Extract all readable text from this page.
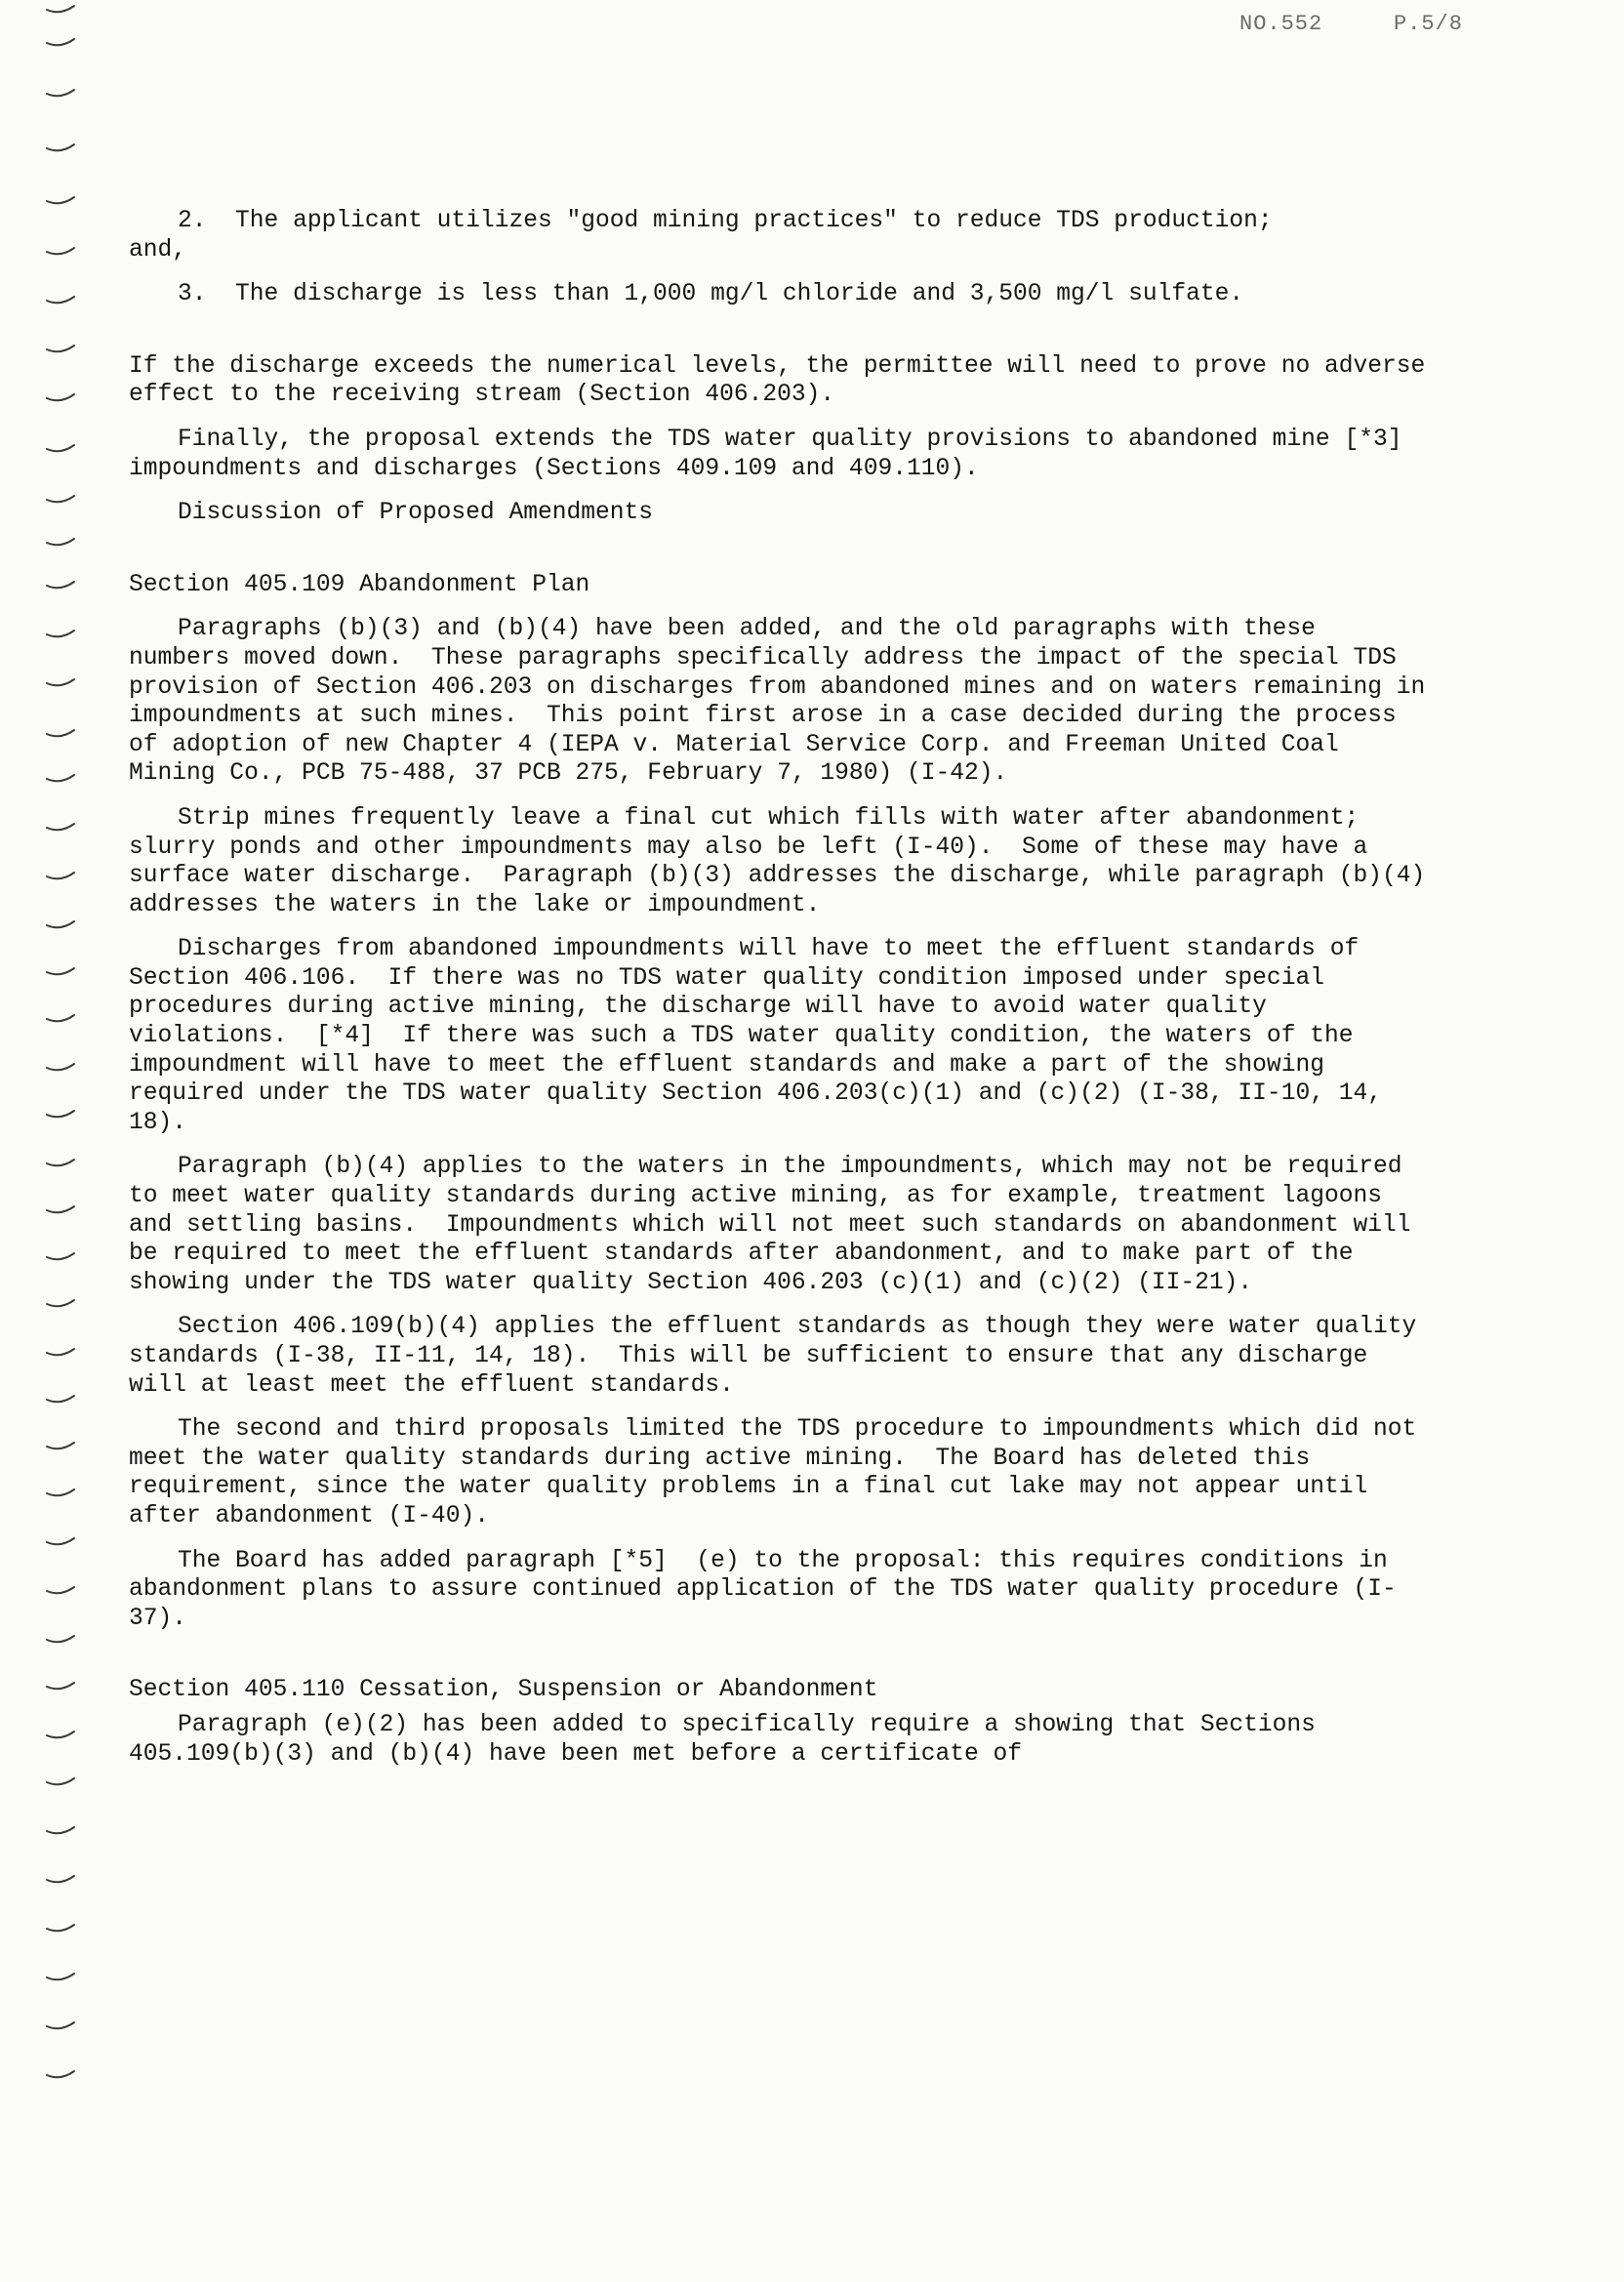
NO.552	P.5/8

2.  The applicant utilizes "good mining practices" to reduce TDS production;

and,

3.  The discharge is less than 1,000 mg/l chloride and 3,500 mg/l sulfate.

If the discharge exceeds the numerical levels, the permittee will need to prove no adverse effect to the receiving stream (Section 406.203).

Finally, the proposal extends the TDS water quality provisions to abandoned mine [*3]  impoundments and discharges (Sections 409.109 and 409.110).

Discussion of Proposed Amendments

Section 405.109 Abandonment Plan

Paragraphs (b)(3) and (b)(4) have been added, and the old paragraphs with these numbers moved down.  These paragraphs specifically address the impact of the special TDS provision of Section 406.203 on discharges from abandoned mines and on waters remaining in impoundments at such mines.  This point first arose in a case decided during the process of adoption of new Chapter 4 (IEPA v. Material Service Corp. and Freeman United Coal Mining Co., PCB 75-488, 37 PCB 275, February 7, 1980) (I-42).

Strip mines frequently leave a final cut which fills with water after abandonment; slurry ponds and other impoundments may also be left (I-40).  Some of these may have a surface water discharge.  Paragraph (b)(3) addresses the discharge, while paragraph (b)(4) addresses the waters in the lake or impoundment.

Discharges from abandoned impoundments will have to meet the effluent standards of Section 406.106.  If there was no TDS water quality condition imposed under special procedures during active mining, the discharge will have to avoid water quality violations.  [*4]  If there was such a TDS water quality condition, the waters of the impoundment will have to meet the effluent standards and make a part of the showing required under the TDS water quality Section 406.203(c)(1) and (c)(2) (I-38, II-10, 14, 18).

Paragraph (b)(4) applies to the waters in the impoundments, which may not be required to meet water quality standards during active mining, as for example, treatment lagoons and settling basins.  Impoundments which will not meet such standards on abandonment will be required to meet the effluent standards after abandonment, and to make part of the showing under the TDS water quality Section 406.203 (c)(1) and (c)(2) (II-21).

Section 406.109(b)(4) applies the effluent standards as though they were water quality standards (I-38, II-11, 14, 18).  This will be sufficient to ensure that any discharge will at least meet the effluent standards.

The second and third proposals limited the TDS procedure to impoundments which did not meet the water quality standards during active mining.  The Board has deleted this requirement, since the water quality problems in a final cut lake may not appear until after abandonment (I-40).

The Board has added paragraph [*5]  (e) to the proposal: this requires conditions in abandonment plans to assure continued application of the TDS water quality procedure (I-37).

Section 405.110 Cessation, Suspension or Abandonment

Paragraph (e)(2) has been added to specifically require a showing that Sections 405.109(b)(3) and (b)(4) have been met before a certificate of
